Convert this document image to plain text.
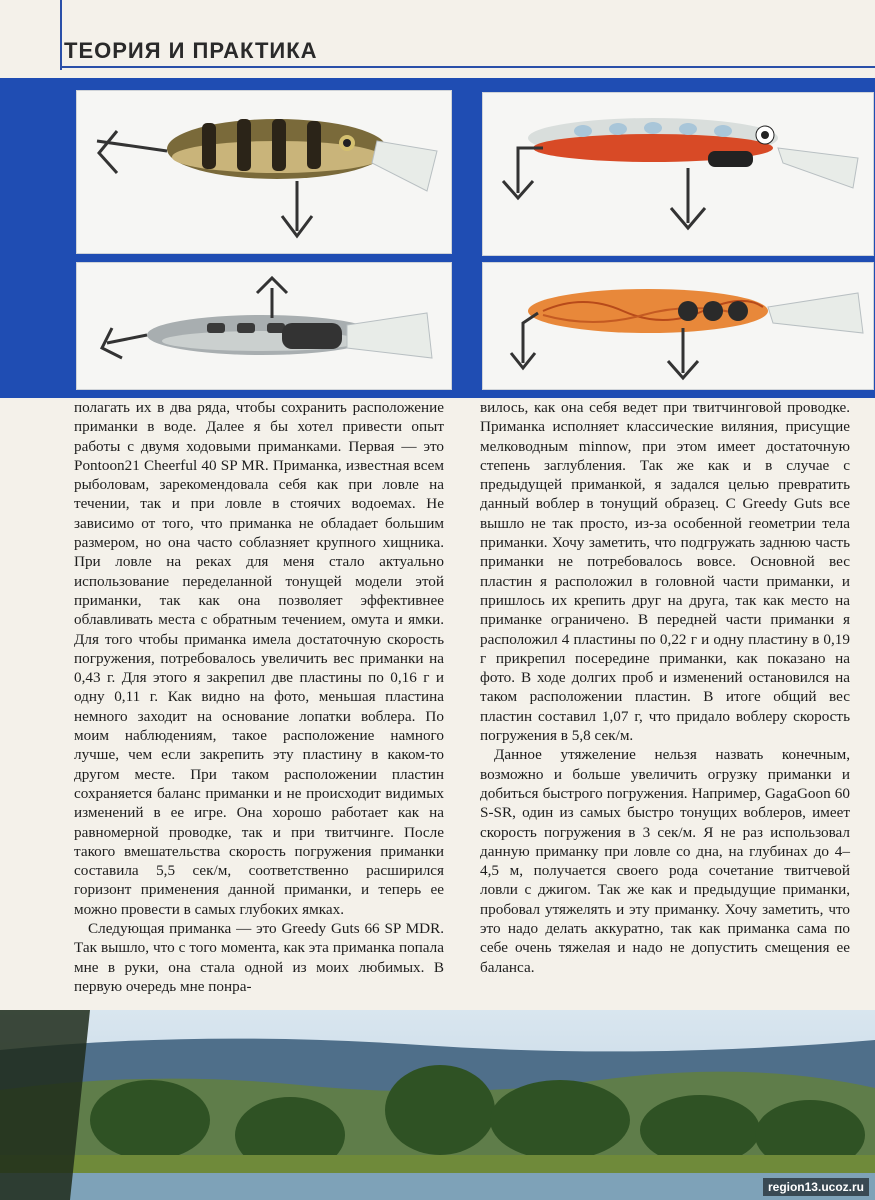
ТЕОРИЯ И ПРАКТИКА

полагать их в два ряда, чтобы сохранить расположение приманки в воде. Далее я бы хотел привести опыт работы с двумя ходовыми приманками. Первая — это Pontoon21 Cheerful 40 SP MR. Приманка, известная всем рыболовам, зарекомендовала себя как при ловле на течении, так и при ловле в стоячих водоемах. Не зависимо от того, что приманка не обладает большим размером, но она часто соблазняет крупного хищника. При ловле на реках для меня стало актуально использование переделанной тонущей модели этой приманки, так как она позволяет эффективнее облавливать места с обратным течением, омута и ямки. Для того чтобы приманка имела достаточную скорость погружения, потребовалось увеличить вес приманки на 0,43 г. Для этого я закрепил две пластины по 0,16 г и одну 0,11 г. Как видно на фото, меньшая пластина немного заходит на основание лопатки воблера. По моим наблюдениям, такое расположение намного лучше, чем если закрепить эту пластину в каком-то другом месте. При таком расположении пластин сохраняется баланс приманки и не происходит видимых изменений в ее игре. Она хорошо работает как на равномерной проводке, так и при твитчинге. После такого вмешательства скорость погружения приманки составила 5,5 сек/м, соответственно расширился горизонт применения данной приманки, и теперь ее можно провести в самых глубоких ямках.

Следующая приманка — это Greedy Guts 66 SP MDR. Так вышло, что с того момента, как эта приманка попала мне в руки, она стала одной из моих любимых. В первую очередь мне понра-

вилось, как она себя ведет при твитчинговой проводке. Приманка исполняет классические виляния, присущие мелководным minnow, при этом имеет достаточную степень заглубления. Так же как и в случае с предыдущей приманкой, я задался целью превратить данный воблер в тонущий образец. С Greedy Guts все вышло не так просто, из-за особенной геометрии тела приманки. Хочу заметить, что подгружать заднюю часть приманки не потребовалось вовсе. Основной вес пластин я расположил в головной части приманки, и пришлось их крепить друг на друга, так как место на приманке ограничено. В передней части приманки я расположил 4 пластины по 0,22 г и одну пластину в 0,19 г прикрепил посередине приманки, как показано на фото. В ходе долгих проб и изменений остановился на таком расположении пластин. В итоге общий вес пластин составил 1,07 г, что придало воблеру скорость погружения в 5,8 сек/м.

Данное утяжеление нельзя назвать конечным, возможно и больше увеличить огрузку приманки и добиться быстрого погружения. Например, GagaGoon 60 S-SR, один из самых быстро тонущих воблеров, имеет скорость погружения в 3 сек/м. Я не раз использовал данную приманку при ловле со дна, на глубинах до 4–4,5 м, получается своего рода сочетание твитчевой ловли с джигом. Так же как и предыдущие приманки, пробовал утяжелять и эту приманку. Хочу заметить, что это надо делать аккуратно, так как приманка сама по себе очень тяжелая и надо не допустить смещения ее баланса.

region13.ucoz.ru
